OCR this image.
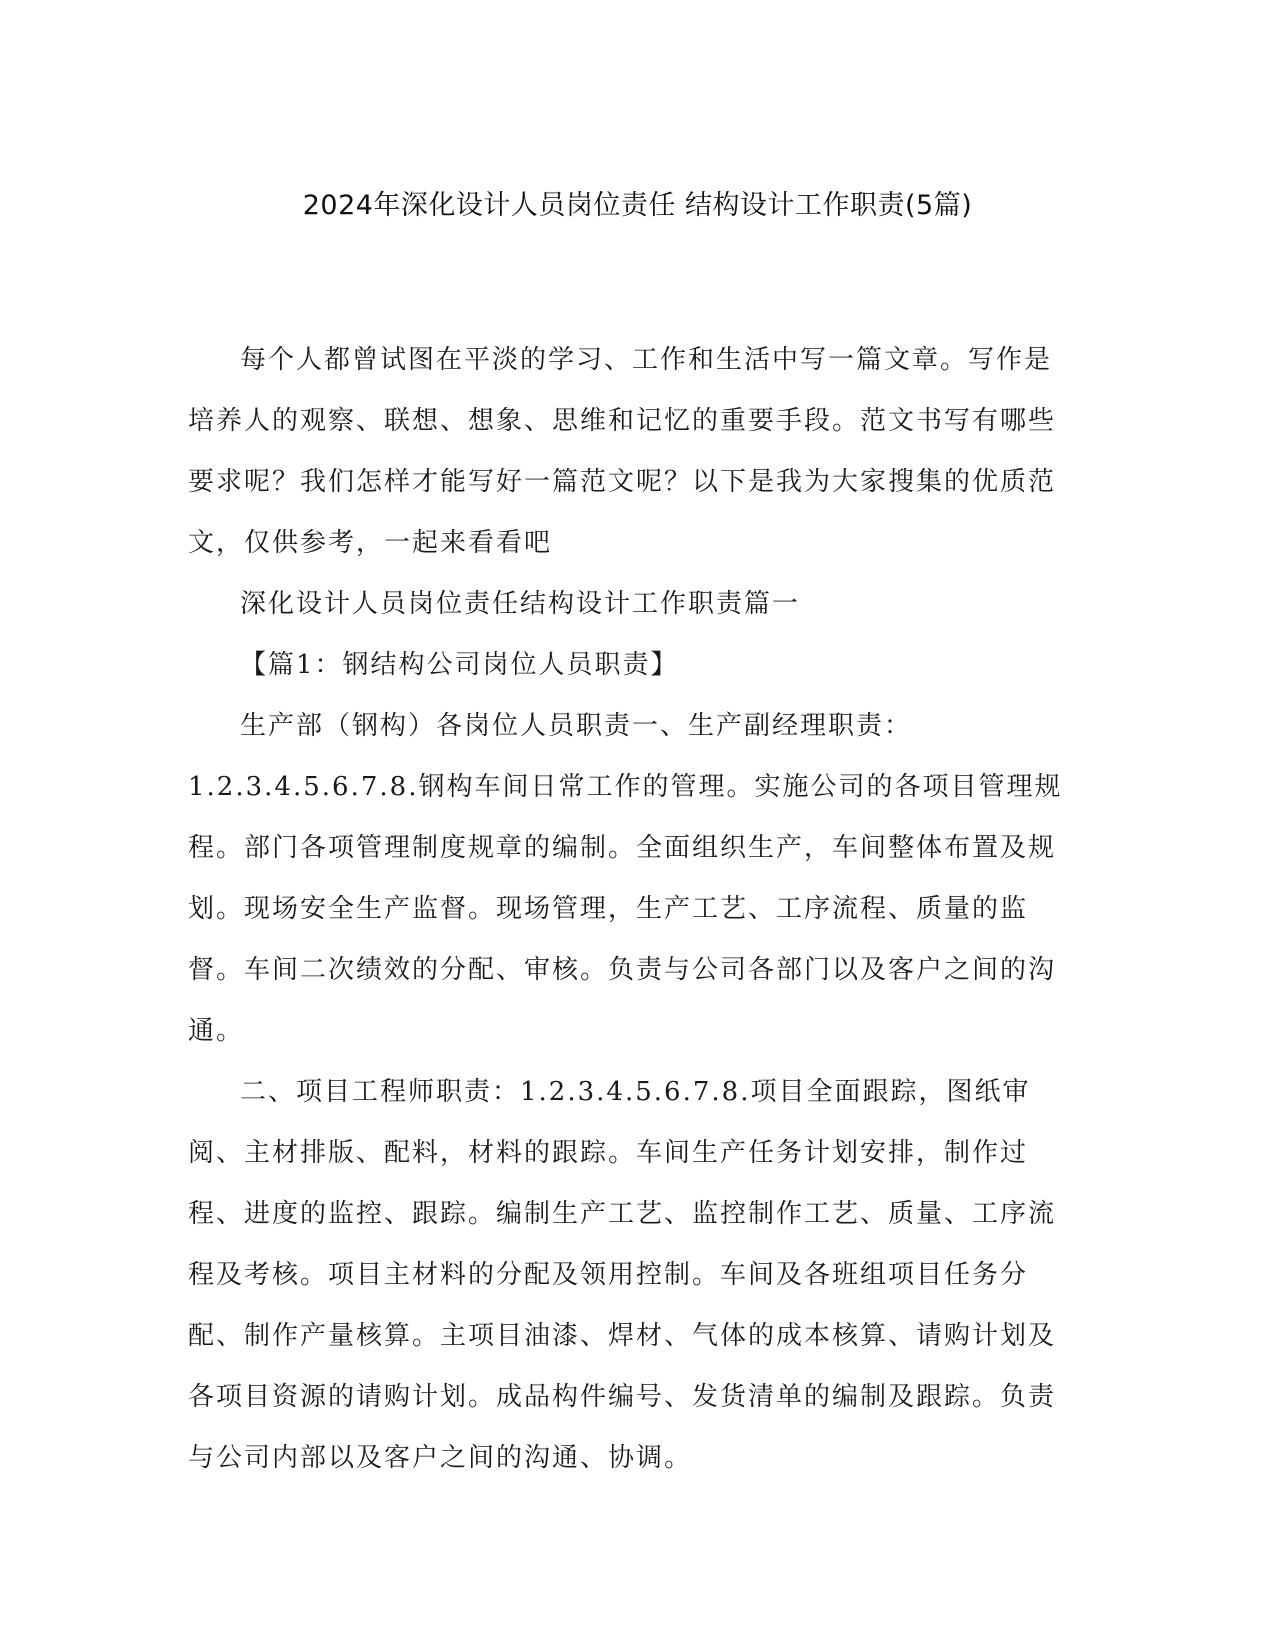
2024年深化设计人员岗位责任 结构设计工作职责(5篇)

每个人都曾试图在平淡的学习、工作和生活中写一篇文章。写作是培养人的观察、联想、想象、思维和记忆的重要手段。范文书写有哪些要求呢？我们怎样才能写好一篇范文呢？以下是我为大家搜集的优质范文，仅供参考，一起来看看吧

深化设计人员岗位责任结构设计工作职责篇一

【篇1：钢结构公司岗位人员职责】

生产部（钢构）各岗位人员职责一、生产副经理职责：

1.2.3.4.5.6.7.8.钢构车间日常工作的管理。实施公司的各项目管理规程。部门各项管理制度规章的编制。全面组织生产，车间整体布置及规划。现场安全生产监督。现场管理，生产工艺、工序流程、质量的监督。车间二次绩效的分配、审核。负责与公司各部门以及客户之间的沟通。

二、项目工程师职责：1.2.3.4.5.6.7.8.项目全面跟踪，图纸审阅、主材排版、配料，材料的跟踪。车间生产任务计划安排，制作过程、进度的监控、跟踪。编制生产工艺、监控制作工艺、质量、工序流程及考核。项目主材料的分配及领用控制。车间及各班组项目任务分配、制作产量核算。主项目油漆、焊材、气体的成本核算、请购计划及各项目资源的请购计划。成品构件编号、发货清单的编制及跟踪。负责与公司内部以及客户之间的沟通、协调。
